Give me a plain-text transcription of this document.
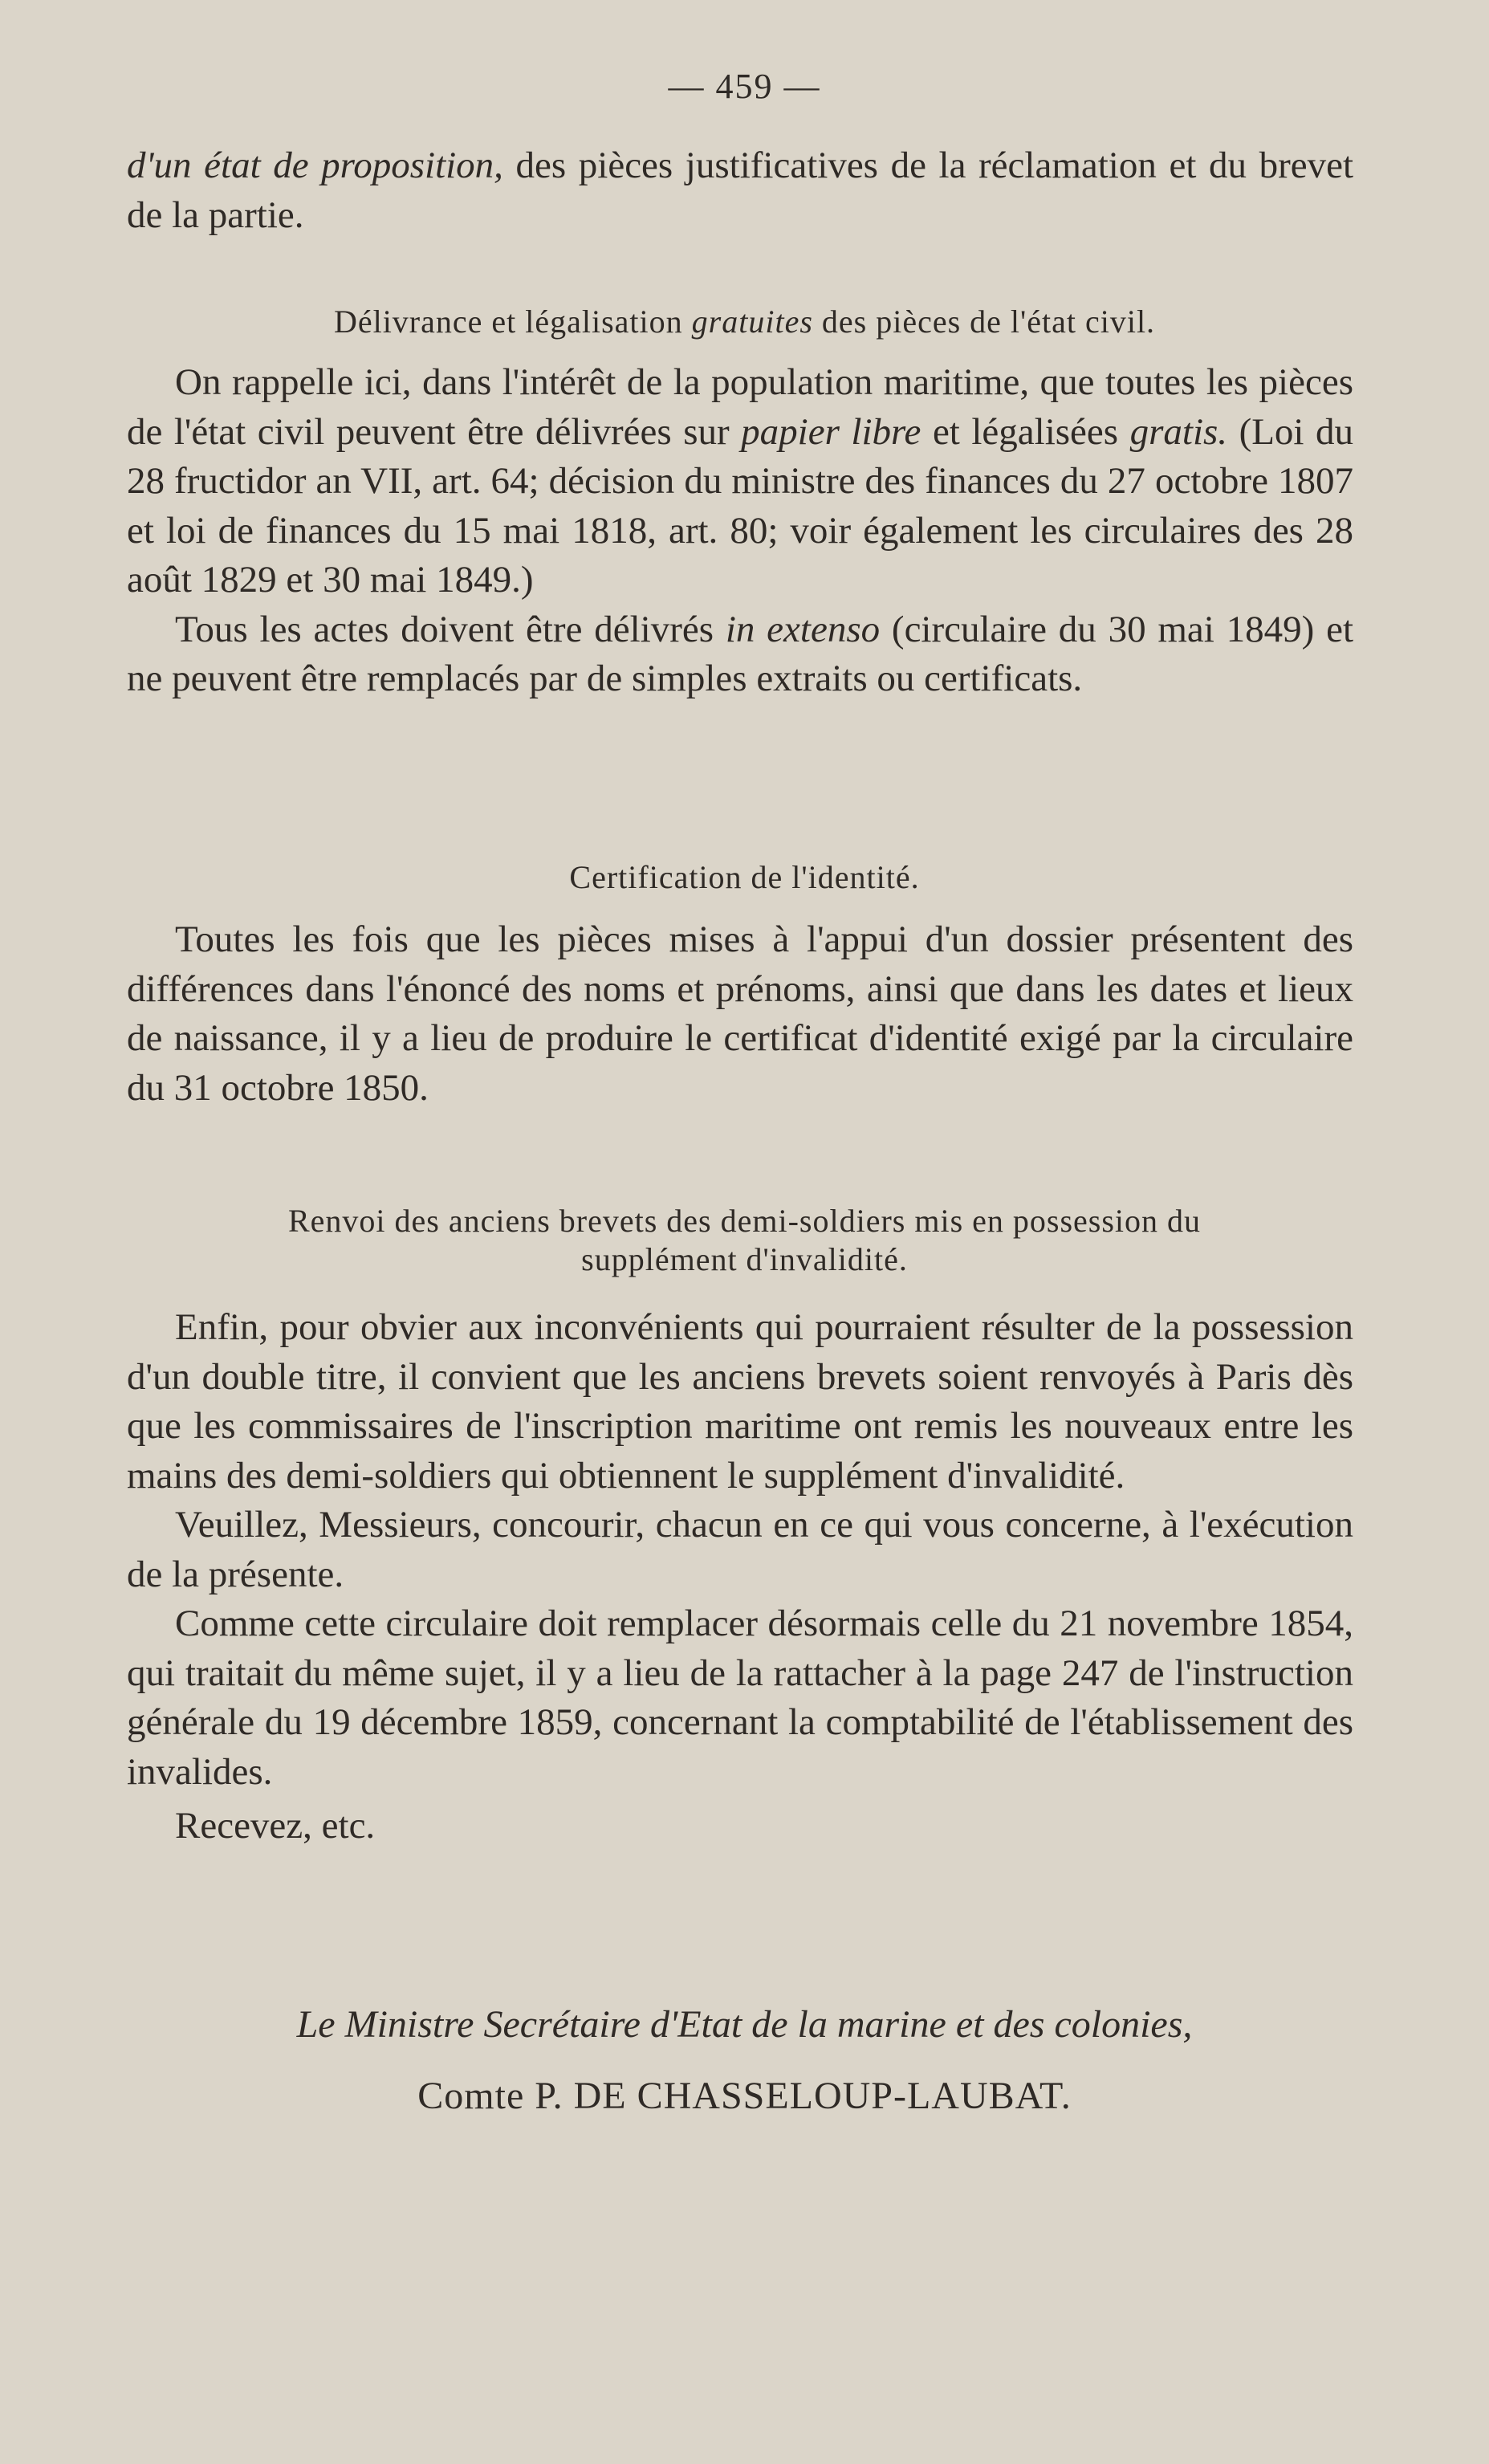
— 459 —

d'un état de proposition, des pièces justificatives de la réclamation et du brevet de la partie.

Délivrance et légalisation gratuites des pièces de l'état civil.

On rappelle ici, dans l'intérêt de la population maritime, que toutes les pièces de l'état civil peuvent être délivrées sur papier libre et légalisées gratis. (Loi du 28 fructidor an VII, art. 64; décision du ministre des finances du 27 octobre 1807 et loi de finances du 15 mai 1818, art. 80; voir également les circulaires des 28 août 1829 et 30 mai 1849.)

Tous les actes doivent être délivrés in extenso (circulaire du 30 mai 1849) et ne peuvent être remplacés par de simples extraits ou certificats.

Certification de l'identité.

Toutes les fois que les pièces mises à l'appui d'un dossier présentent des différences dans l'énoncé des noms et prénoms, ainsi que dans les dates et lieux de naissance, il y a lieu de produire le certificat d'identité exigé par la circulaire du 31 octobre 1850.

Renvoi des anciens brevets des demi-soldiers mis en possession du
supplément d'invalidité.

Enfin, pour obvier aux inconvénients qui pourraient résulter de la possession d'un double titre, il convient que les anciens brevets soient renvoyés à Paris dès que les commissaires de l'inscription maritime ont remis les nouveaux entre les mains des demi-soldiers qui obtiennent le supplément d'invalidité.

Veuillez, Messieurs, concourir, chacun en ce qui vous concerne, à l'exécution de la présente.

Comme cette circulaire doit remplacer désormais celle du 21 novembre 1854, qui traitait du même sujet, il y a lieu de la rattacher à la page 247 de l'instruction générale du 19 décembre 1859, concernant la comptabilité de l'établissement des invalides.

Recevez, etc.

Le Ministre Secrétaire d'Etat de la marine et des colonies,
Comte P. DE CHASSELOUP-LAUBAT.
